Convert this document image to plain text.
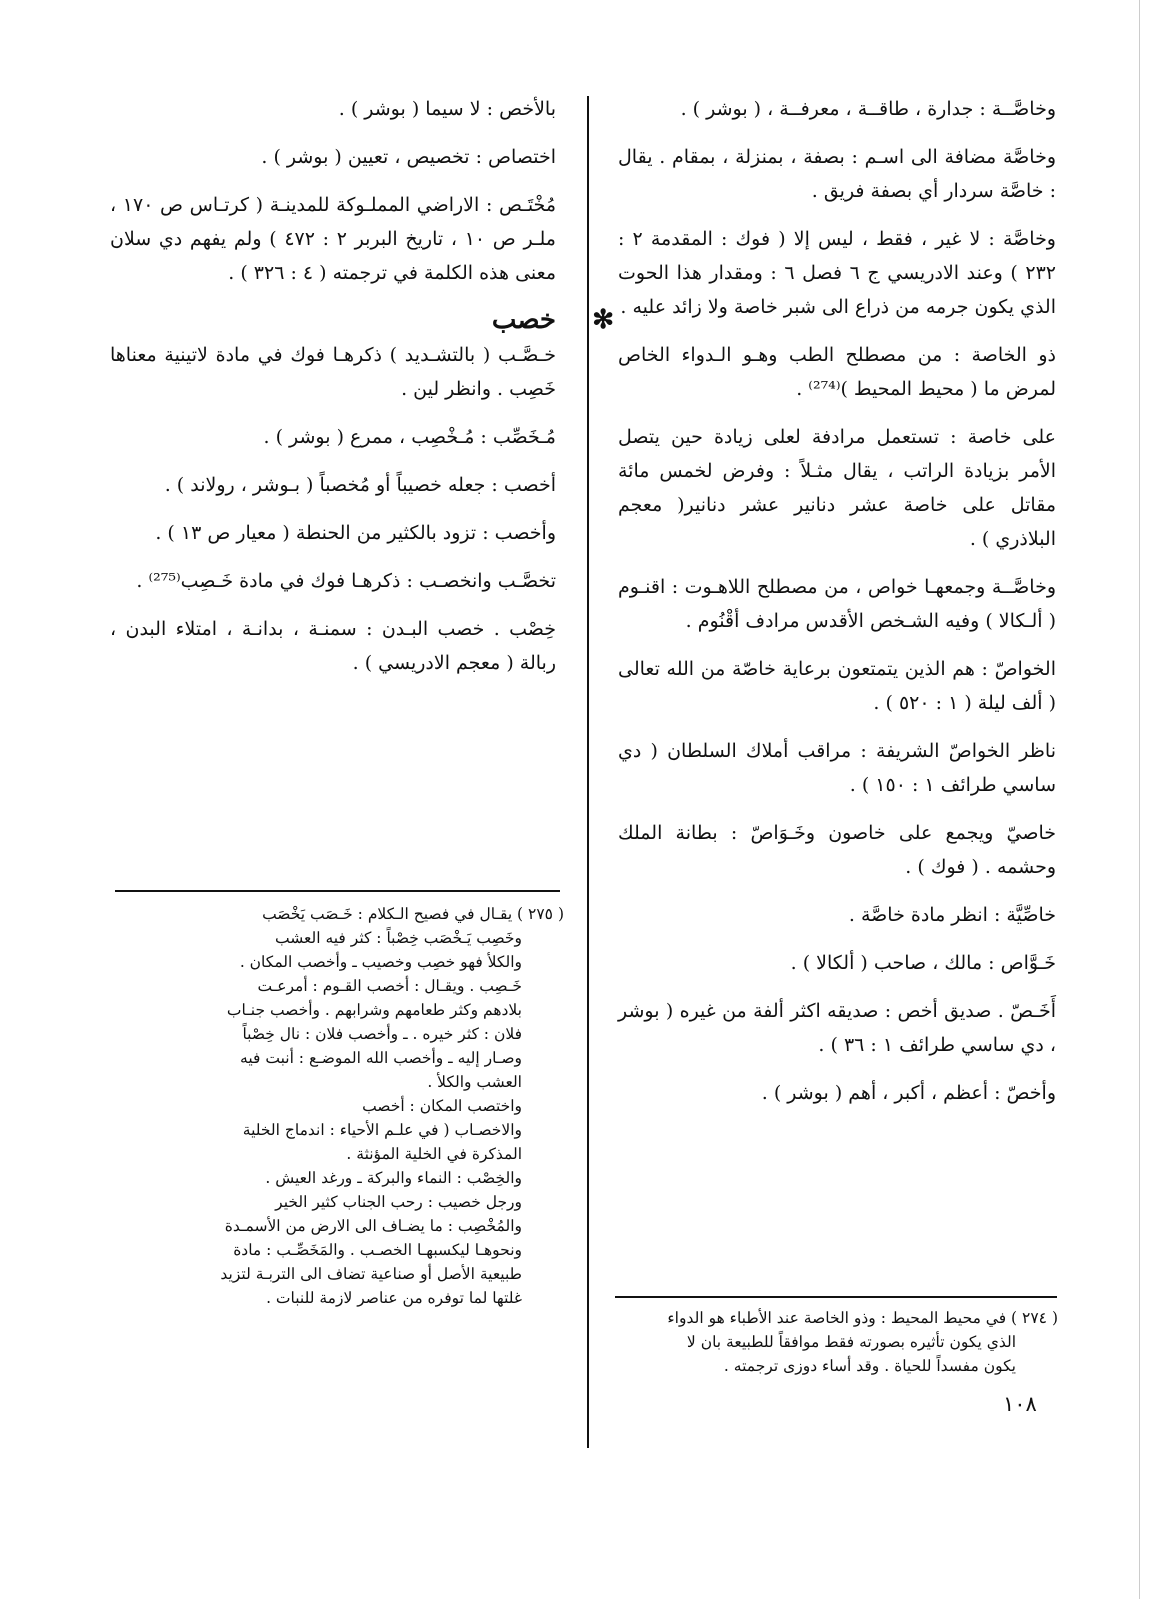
وخاصَّــة : جدارة ، طاقــة ، معرفــة ، ( بوشر ) .

وخاصَّة مضافة الى اسـم : بصفة ، بمنزلة ، بمقام . يقال : خاصَّة سردار أي بصفة فريق .

وخاصَّة : لا غير ، فقط ، ليس إلا ( فوك : المقدمة ٢ : ٢٣٢ ) وعند الادريسي ج ٦ فصل ٦ : ومقدار هذا الحوت الذي يكون جرمه من ذراع الى شبر خاصة ولا زائد عليه .

ذو الخاصة : من مصطلح الطب وهـو الـدواء الخاص لمرض ما ( محيط المحيط )⁽²⁷⁴⁾ .

على خاصة : تستعمل مرادفة لعلى زيادة حين يتصل الأمر بزيادة الراتب ، يقال مثـلاً : وفرض لخمس مائة مقاتل على خاصة عشر دنانير عشر دنانير( معجم البلاذري ) .

وخاصَّــة وجمعهـا خواص ، من مصطلح اللاهـوت : اقنـوم ( ألـكالا ) وفيه الشـخص الأقدس مرادف أقْنُوم .

الخواصّ : هم الذين يتمتعون برعاية خاصّة من الله تعالى ( ألف ليلة ( ١ : ٥٢٠ ) .

ناظر الخواصّ الشريفة : مراقب أملاك السلطان ( دي ساسي طرائف ١ : ١٥٠ ) .

خاصيّ ويجمع على خاصون وخَـوَاصّ : بطانة الملك وحشمه . ( فوك ) .

خاصِّيَّة : انظر مادة خاصَّة .

خَـوَّاص : مالك ، صاحب ( ألكالا ) .

أَخَـصّ . صديق أخص : صديقه اكثر ألفة من غيره ( بوشر ، دي ساسي طرائف ١ : ٣٦ ) .

وأخصّ : أعظم ، أكبر ، أهم ( بوشر ) .

بالأخص : لا سيما ( بوشر ) .

اختصاص : تخصيص ، تعيين ( بوشر ) .

مُخْتَـص : الاراضي المملـوكة للمدينـة ( كرتـاس ص ١٧٠ ، ملـر ص ١٠ ، تاريخ البربر ٢ : ٤٧٢ ) ولم يفهم دي سلان معنى هذه الكلمة في ترجمته ( ٤ : ٣٢٦ ) .

✻
خصب

خـصَّـب ( بالتشـديد ) ذكرهـا فوك في مادة لاتينية معناها خَصِب . وانظر لين .

مُـخَصِّب : مُـخْصِب ، ممرع ( بوشر ) .

أخصب : جعله خصيباً أو مُخصباً ( بـوشر ، رولاند ) .

وأخصب : تزود بالكثير من الحنطة ( معيار ص ١٣ ) .

تخصَّـب وانخصـب : ذكرهـا فوك في مادة خَـصِب⁽²⁷⁵⁾ .

خِصْب . خصب البـدن : سمنـة ، بدانـة ، امتلاء البدن ، ربالة ( معجم الادريسي ) .

( ٢٧٥ ) يقـال في فصيح الـكلام : خَـصَب يَخْصَب

وخَصِب يَـخْصَب خِصْباً : كثر فيه العشب

والكلأ فهو خصِب وخصيب ـ وأخصب المكان .

خَـصِب . ويقـال : أخصب القـوم : أمرعـت

بلادهم وكثر طعامهم وشرابهم . وأخصب جنـاب

فلان : كثر خيره . ـ وأخصب فلان : نال خِصْباً

وصـار إليه ـ وأخصب الله الموضـع : أنبت فيه

العشب والكلأ .

واختصب المكان : أخصب

والاخصـاب ( في علـم الأحياء : اندماج الخلية

المذكرة في الخلية المؤنثة .

والخِصْب : النماء والبركة ـ ورغد العيش .

ورجل خصيب : رحب الجناب كثير الخير

والمُخْصِب : ما يضـاف الى الارض من الأسمـدة

ونحوهـا ليكسبهـا الخصـب . والمَخَصِّـب : مادة

طبيعية الأصل أو صناعية تضاف الى التربـة لتزيد

غلتها لما توفره من عناصر لازمة للنبات .

( ٢٧٤ ) في محيط المحيط : وذو الخاصة عند الأطباء هو الدواء

الذي يكون تأثيره بصورته فقط موافقاً للطبيعة بان لا

يكون مفسداً للحياة . وقد أساء دوزى ترجمته .

١٠٨
